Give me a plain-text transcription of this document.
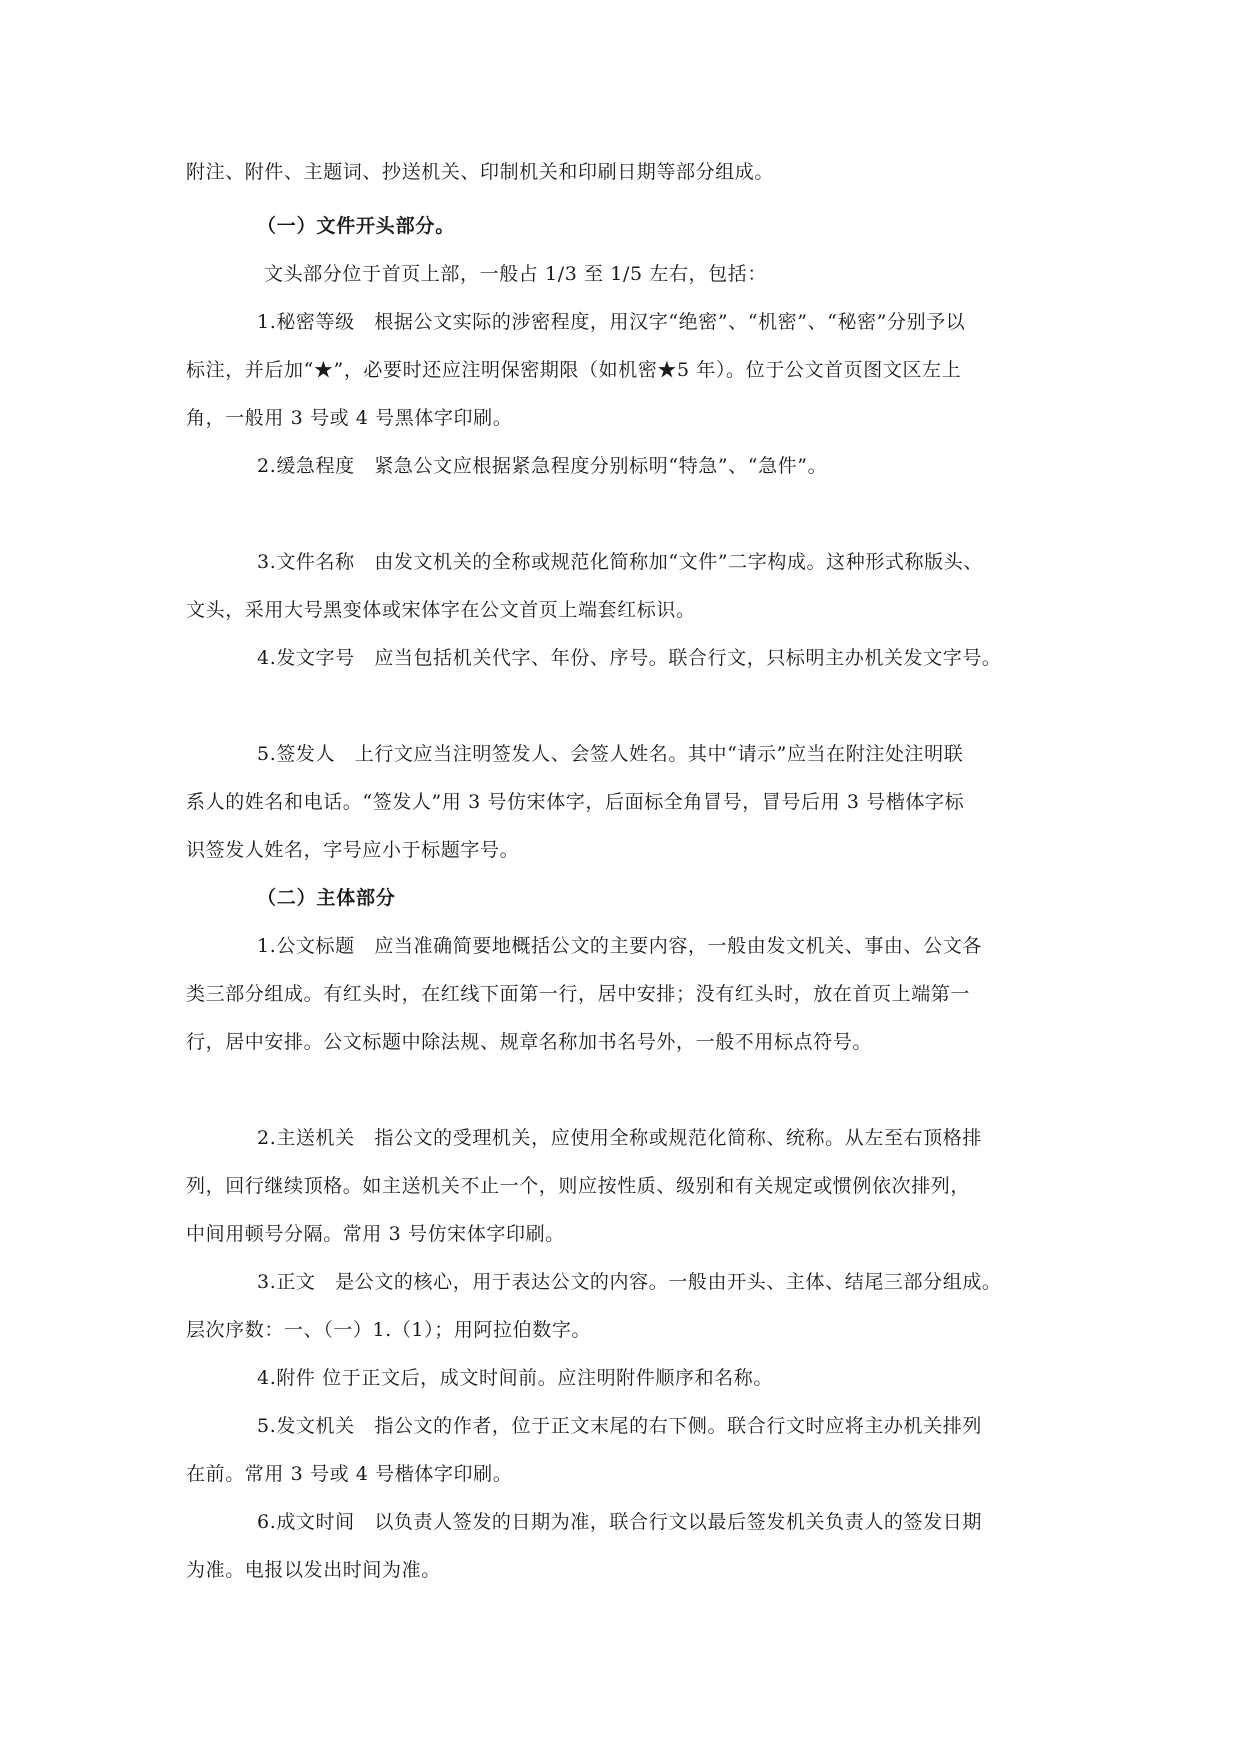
附注、附件、主题词、抄送机关、印制机关和印刷日期等部分组成。
（一）文件开头部分。
文头部分位于首页上部，一般占 1/3 至 1/5 左右，包括：
1.秘密等级　根据公文实际的涉密程度，用汉字“绝密”、“机密”、“秘密”分别予以
标注，并后加“★”，必要时还应注明保密期限（如机密★5 年）。位于公文首页图文区左上
角，一般用 3 号或 4 号黑体字印刷。
2.缓急程度　紧急公文应根据紧急程度分别标明“特急”、“急件”。
3.文件名称　由发文机关的全称或规范化简称加“文件”二字构成。这种形式称版头、
文头，采用大号黑变体或宋体字在公文首页上端套红标识。
4.发文字号　应当包括机关代字、年份、序号。联合行文，只标明主办机关发文字号。
5.签发人　上行文应当注明签发人、会签人姓名。其中“请示”应当在附注处注明联
系人的姓名和电话。“签发人”用 3 号仿宋体字，后面标全角冒号，冒号后用 3 号楷体字标
识签发人姓名，字号应小于标题字号。
（二）主体部分
1.公文标题　应当准确简要地概括公文的主要内容，一般由发文机关、事由、公文各
类三部分组成。有红头时，在红线下面第一行，居中安排；没有红头时，放在首页上端第一
行，居中安排。公文标题中除法规、规章名称加书名号外，一般不用标点符号。
2.主送机关　指公文的受理机关，应使用全称或规范化简称、统称。从左至右顶格排
列，回行继续顶格。如主送机关不止一个，则应按性质、级别和有关规定或惯例依次排列，
中间用顿号分隔。常用 3 号仿宋体字印刷。
3.正文　是公文的核心，用于表达公文的内容。一般由开头、主体、结尾三部分组成。
层次序数：一、（一）1.（1）；用阿拉伯数字。
4.附件 位于正文后，成文时间前。应注明附件顺序和名称。
5.发文机关　指公文的作者，位于正文末尾的右下侧。联合行文时应将主办机关排列
在前。常用 3 号或 4 号楷体字印刷。
6.成文时间　以负责人签发的日期为准，联合行文以最后签发机关负责人的签发日期
为准。电报以发出时间为准。
